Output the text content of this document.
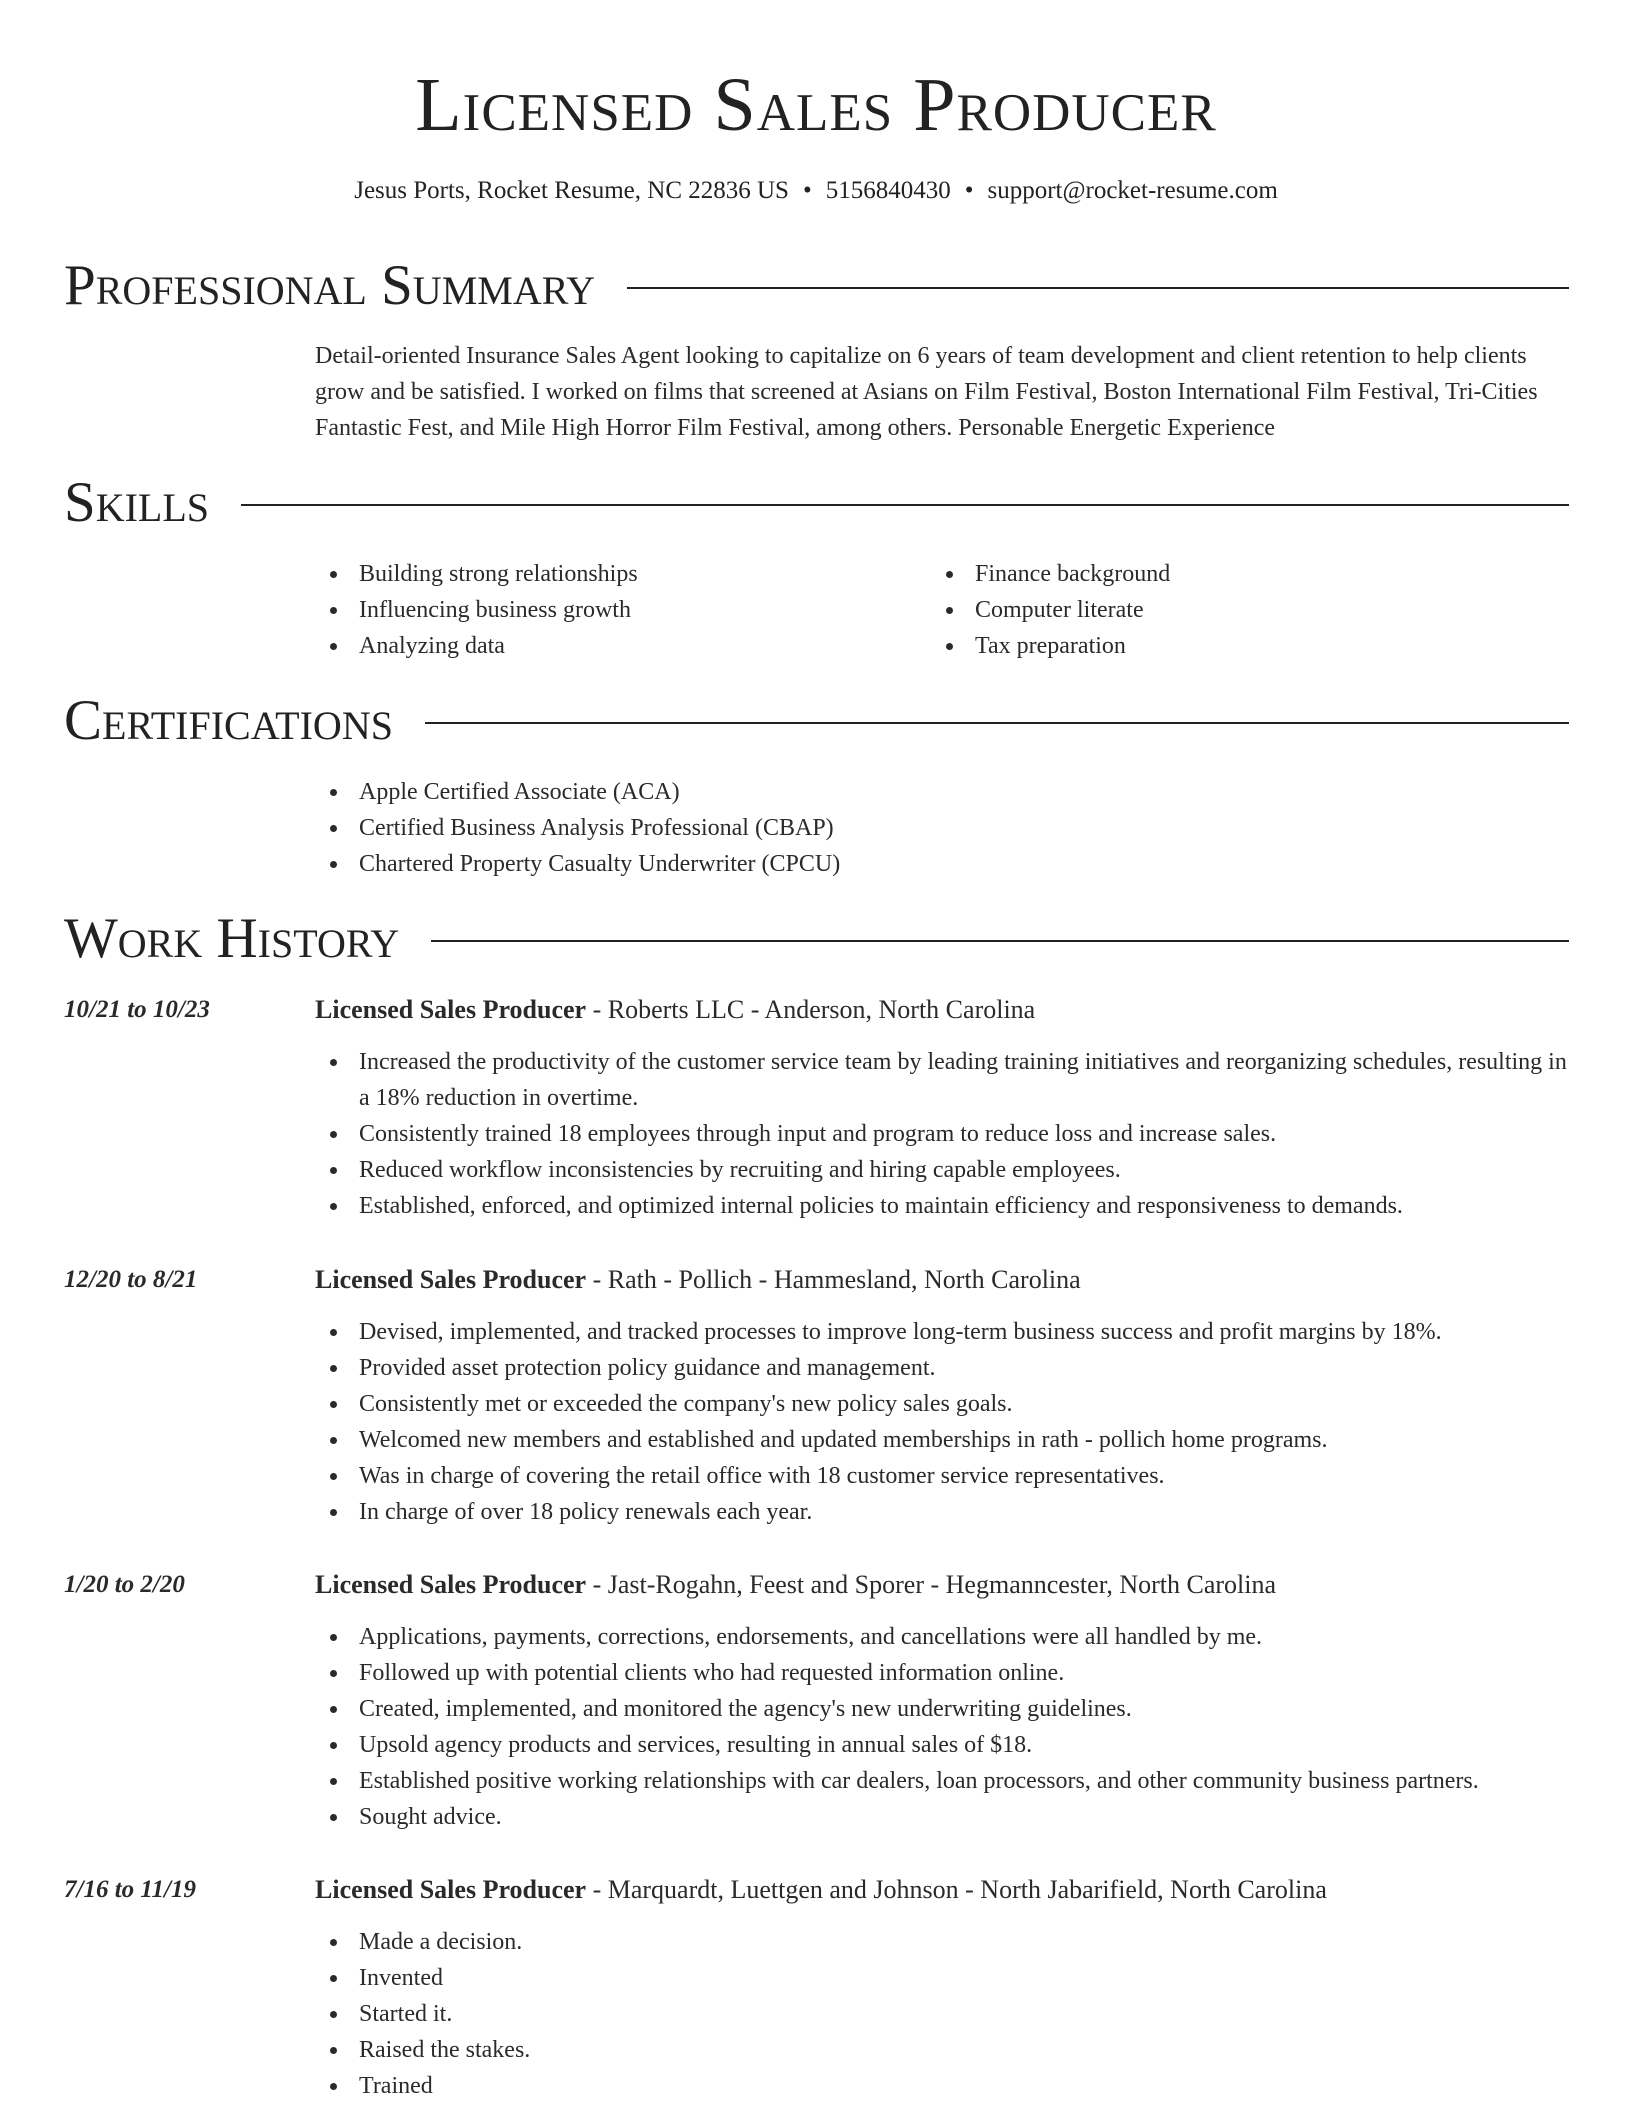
Licensed Sales Producer
Jesus Ports, Rocket Resume, NC 22836 US • 5156840430 • support@rocket-resume.com
Professional Summary
Detail-oriented Insurance Sales Agent looking to capitalize on 6 years of team development and client retention to help clients grow and be satisfied. I worked on films that screened at Asians on Film Festival, Boston International Film Festival, Tri-Cities Fantastic Fest, and Mile High Horror Film Festival, among others. Personable Energetic Experience
Skills
Building strong relationships
Influencing business growth
Analyzing data
Finance background
Computer literate
Tax preparation
Certifications
Apple Certified Associate (ACA)
Certified Business Analysis Professional (CBAP)
Chartered Property Casualty Underwriter (CPCU)
Work History
10/21 to 10/23	Licensed Sales Producer - Roberts LLC - Anderson, North Carolina
Increased the productivity of the customer service team by leading training initiatives and reorganizing schedules, resulting in a 18% reduction in overtime.
Consistently trained 18 employees through input and program to reduce loss and increase sales.
Reduced workflow inconsistencies by recruiting and hiring capable employees.
Established, enforced, and optimized internal policies to maintain efficiency and responsiveness to demands.
12/20 to 8/21	Licensed Sales Producer - Rath - Pollich - Hammesland, North Carolina
Devised, implemented, and tracked processes to improve long-term business success and profit margins by 18%.
Provided asset protection policy guidance and management.
Consistently met or exceeded the company's new policy sales goals.
Welcomed new members and established and updated memberships in rath - pollich home programs.
Was in charge of covering the retail office with 18 customer service representatives.
In charge of over 18 policy renewals each year.
1/20 to 2/20	Licensed Sales Producer - Jast-Rogahn, Feest and Sporer - Hegmanncester, North Carolina
Applications, payments, corrections, endorsements, and cancellations were all handled by me.
Followed up with potential clients who had requested information online.
Created, implemented, and monitored the agency's new underwriting guidelines.
Upsold agency products and services, resulting in annual sales of $18.
Established positive working relationships with car dealers, loan processors, and other community business partners.
Sought advice.
7/16 to 11/19	Licensed Sales Producer - Marquardt, Luettgen and Johnson - North Jabarifield, North Carolina
Made a decision.
Invented
Started it.
Raised the stakes.
Trained
